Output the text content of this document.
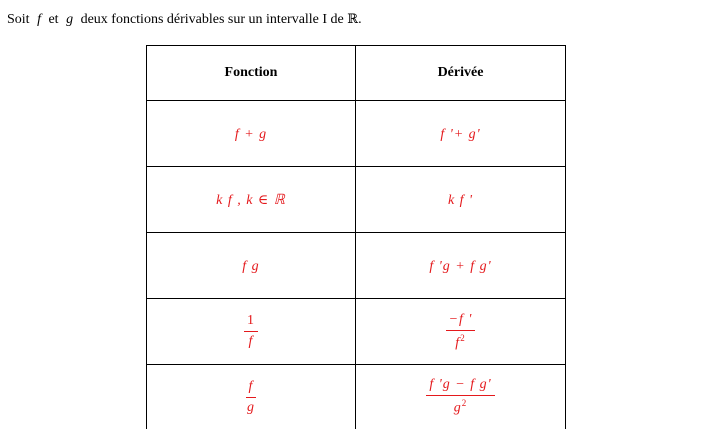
Soit f et g deux fonctions dérivables sur un intervalle I de ℝ.
Fonction	Dérivée
f + g	f '+ g'
k f , k ∈ ℝ	k f '
f g	f 'g + f g'

$\frac{1}{f}$	$\frac{-f '}{f^2}$

$\frac{f}{g}$	$\frac{\text{f 'g − f g'}}{g^2}$
